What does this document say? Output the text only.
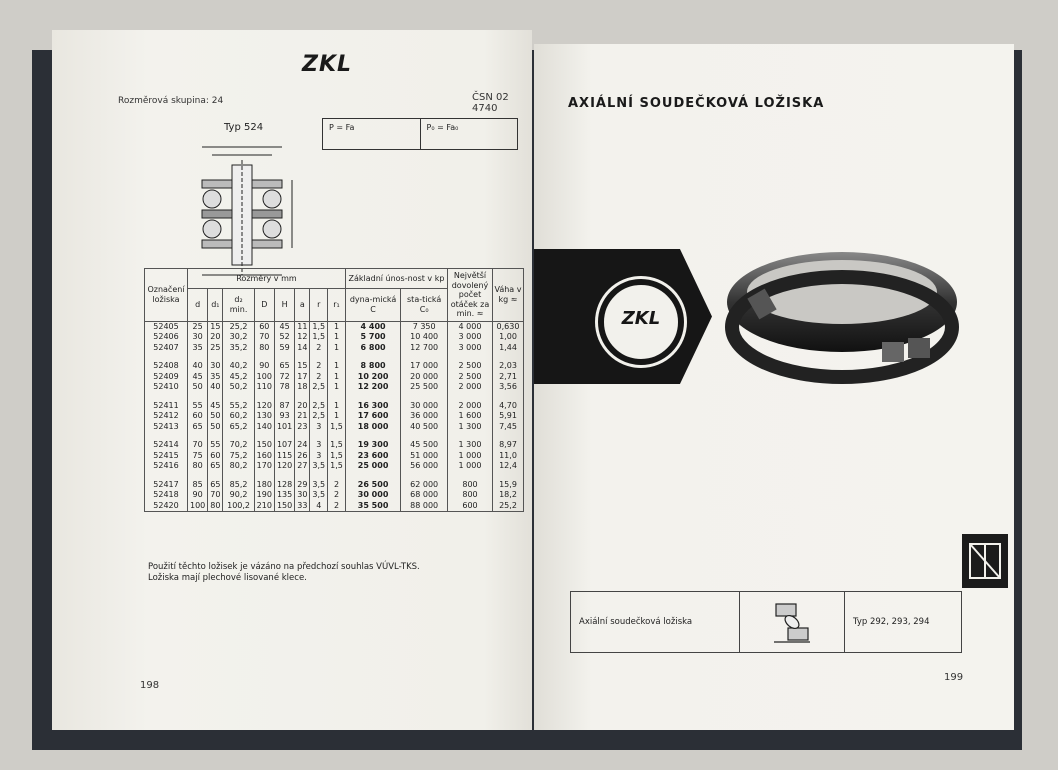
ZKL
Rozměrová skupina: 24	ČSN 02 4740
Typ 524	P = Fa	P₀ = Fa₀
Označení ložiska	Rozměry v mm								Základní únos-nost v kp		Největší dovolený počet otáček za min. ≈	Váha v kg ≈
	d	d₁	d₂ min.	D	H	a	r	r₁	dyna-mická C	sta-tická C₀		
52405	25	15	25,2	60	45	11	1,5	1	4 400	7 350	4 000	0,630
52406	30	20	30,2	70	52	12	1,5	1	5 700	10 400	3 000	1,00
52407	35	25	35,2	80	59	14	2	1	6 800	12 700	3 000	1,44

52408	40	30	40,2	90	65	15	2	1	8 800	17 000	2 500	2,03
52409	45	35	45,2	100	72	17	2	1	10 200	20 000	2 500	2,71
52410	50	40	50,2	110	78	18	2,5	1	12 200	25 500	2 000	3,56

52411	55	45	55,2	120	87	20	2,5	1	16 300	30 000	2 000	4,70
52412	60	50	60,2	130	93	21	2,5	1	17 600	36 000	1 600	5,91
52413	65	50	65,2	140	101	23	3	1,5	18 000	40 500	1 300	7,45

52414	70	55	70,2	150	107	24	3	1,5	19 300	45 500	1 300	8,97
52415	75	60	75,2	160	115	26	3	1,5	23 600	51 000	1 000	11,0
52416	80	65	80,2	170	120	27	3,5	1,5	25 000	56 000	1 000	12,4

52417	85	65	85,2	180	128	29	3,5	2	26 500	62 000	800	15,9
52418	90	70	90,2	190	135	30	3,5	2	30 000	68 000	800	18,2
52420	100	80	100,2	210	150	33	4	2	35 500	88 000	600	25,2
Použití těchto ložisek je vázáno na předchozí souhlas VÚVL-TKS.
Ložiska mají plechové lisované klece.
198
AXIÁLNÍ SOUDEČKOVÁ LOŽISKA
ZKL
Axiální soudečková ložiska	Typ 292, 293, 294
199
